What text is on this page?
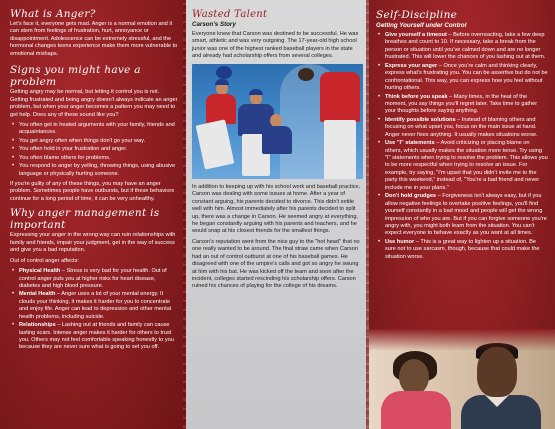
What is Anger?

Let's face it, everyone gets mad. Anger is a normal emotion and it can stem from feelings of frustration, hurt, annoyance or disappointment. Adolescence can be extremely stressful, and the hormonal changes teens experience make them more vulnerable to emotional mishaps.

Signs you might have a problem

Getting angry may be normal, but letting it control you is not. Getting frustrated and being angry doesn't always indicate an anger problem, but when your anger becomes a pattern you may need to get help. Does any of these sound like you?

• You often get in heated arguments with your family, friends and acquaintances.
• You get angry often when things don't go your way.
• You often hold in your frustration and anger.
• You often blame others for problems.
• You respond to anger by yelling, throwing things, using abusive language or physically hurting someone.

If you're guilty of any of these things, you may have an anger problem. Sometimes people have outbursts, but if these behaviors continue for a long period of time, it can be very unhealthy.

Why anger management is important

Expressing your anger in the wrong way can ruin relationships with family and friends, impair your judgment, get in the way of success and give you a bad reputation.

Out of control anger affects:

• Physical Health – Stress is very bad for your health. Out of control anger puts you at higher risks for heart disease, diabetes and high blood pressure.
• Mental Health – Anger uses a lot of your mental energy. It clouds your thinking, it makes it harder for you to concentrate and enjoy life. Anger can lead to depression and other mental health problems, including suicide.
• Relationships – Lashing out at friends and family can cause lasting scars. Intense anger makes it harder for others to trust you. Others may not feel comfortable speaking honestly to you because they are never sure what is going to set you off.
Wasted Talent
Carson's Story

Everyone knew that Carson was destined to be successful. He was smart, athletic and was very outgoing. The 17-year-old high school junior was one of the highest ranked baseball players in the state and already had scholarship offers from several colleges.

In addition to keeping up with his school work and baseball practice, Carson was dealing with some issues at home. After a year of constant arguing, his parents decided to divorce. This didn't settle well with him. Almost immediately after his parents decided to split up, there was a change in Carson. He seemed angry at everything, he began constantly arguing with his parents and teachers, and he would snap at his closest friends for the smallest things.

Carson's reputation went from the nice guy to the "hot head" that no one really wanted to be around. The final straw came when Carson had an out of control outburst at one of his baseball games. He disagreed with one of the umpire's calls and got so angry he swung at him with his bat. He was kicked off the team and soon after the incident, colleges started rescinding his scholarship offers. Carson ruined his chances of playing for the college of his dreams.

Self-Discipline
Getting Yourself under Control
• Give yourself a timeout – Before overreacting, take a few deep breathes and count to 10. If necessary, take a break from the person or situation until you've calmed down and are no longer frustrated. This will lower the chances of you lashing out at them.
• Express your anger – Once you're calm and thinking clearly, express what's frustrating you. You can be assertive but do not be confrontational. This way, you can express how you feel without hurting others.
• Think before you speak – Many times, in the heat of the moment, you say things you'll regret later. Take time to gather your thoughts before saying anything.
• Identify possible solutions – Instead of blaming others and focusing on what upset you, focus on the main issue at hand. Anger never fixes anything. It usually makes situations worse.
• Use "I" statements – Avoid criticizing or placing blame on others, which usually makes the situation more tense. Try using "I" statements when trying to resolve the problem. This allows you to be more respectful when trying to resolve an issue. For example, try saying, "I'm upset that you didn't invite me to the party this weekend," instead of, "You're a bad friend and never include me in your plans."
• Don't hold grudges – Forgiveness isn't always easy, but if you allow negative feelings to overtake positive feelings, you'll find yourself constantly in a bad mood and people will get the wrong impression of who you are. But if you can forgive someone you're angry with, you might both learn from the situation. You can't expect everyone to behave exactly as you want at all times.
• Use humor – This is a great way to lighten up a situation. Be sure not to use sarcasm, though, because that could make the situation worse.
